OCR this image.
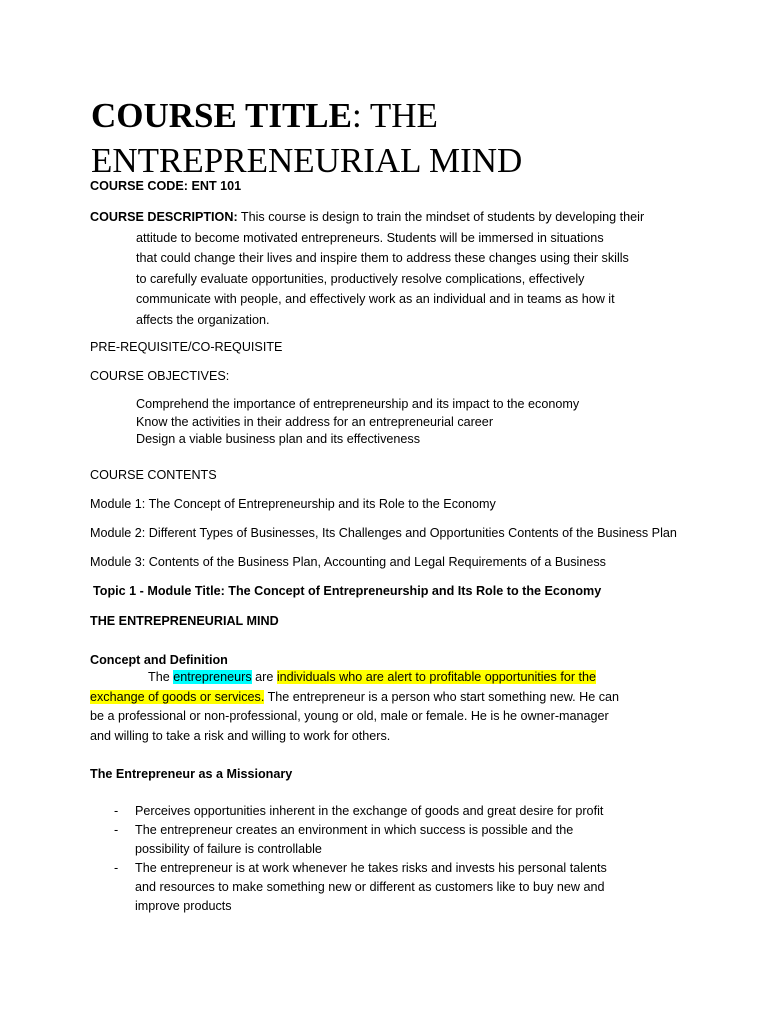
COURSE TITLE: THE
ENTREPRENEURIAL MIND
COURSE CODE: ENT 101
COURSE DESCRIPTION: This course is design to train the mindset of students by developing their
attitude to become motivated entrepreneurs. Students will be immersed in situations
that could change their lives and inspire them to address these changes using their skills
to carefully evaluate opportunities, productively resolve complications, effectively
communicate with people, and effectively work as an individual and in teams as how it
affects the organization.
PRE-REQUISITE/CO-REQUISITE
COURSE OBJECTIVES:
Comprehend the importance of entrepreneurship and its impact to the economy
Know the activities in their address for an entrepreneurial career
Design a viable business plan and its effectiveness
COURSE CONTENTS
Module 1: The Concept of Entrepreneurship and its Role to the Economy
Module 2: Different Types of Businesses, Its Challenges and Opportunities Contents of the Business Plan
Module 3: Contents of the Business Plan, Accounting and Legal Requirements of a Business
Topic 1 - Module Title: The Concept of Entrepreneurship and Its Role to the Economy
THE ENTREPRENEURIAL MIND
Concept and Definition
The entrepreneurs are individuals who are alert to profitable opportunities for the
exchange of goods or services. The entrepreneur is a person who start something new. He can
be a professional or non-professional, young or old, male or female. He is he owner-manager
and willing to take a risk and willing to work for others.
The Entrepreneur as a Missionary
- Perceives opportunities inherent in the exchange of goods and great desire for profit
- The entrepreneur creates an environment in which success is possible and the
possibility of failure is controllable
- The entrepreneur is at work whenever he takes risks and invests his personal talents
and resources to make something new or different as customers like to buy new and
improve products
